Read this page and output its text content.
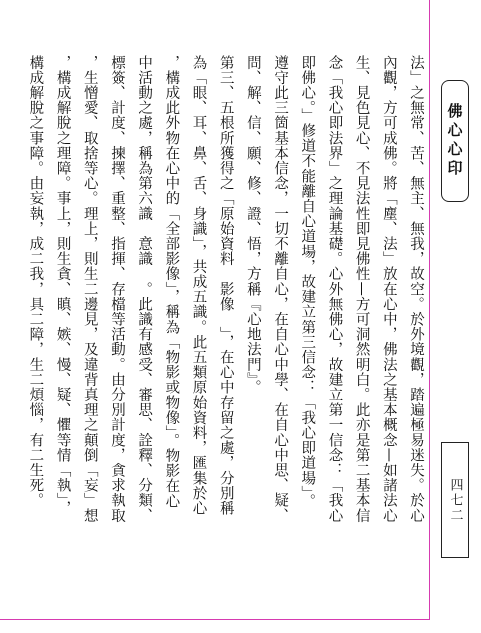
佛心心印
四七二
法」之無常、苦、無主、無我，故空。於外境觀，踏遍極易迷失。於心
內觀，方可成佛。將「塵、法」放在心中，佛法之基本概念—如諸法心
生、見色見心、不見法性即見佛性—方可洞然明白。此亦是第二基本信
念「我心即法界」之理論基礎。心外無佛心，故建立第一信念：「我心
即佛心。」修道不能離自心道場，故建立第三信念：「我心即道場」。
遵守此三箇基本信念，一切不離自心，在自心中學、在自心中思、疑、
問、解、信、願、修、證、悟，方稱『心地法門』。
第三、五根所獲得之「原始資料　影像　」，在心中存留之處，分別稱
為「眼、耳、鼻、舌、身識」，共成五識。此五類原始資料，匯集於心
，構成此外物在心中的「全部影像」，稱為「物影或物像」。物影在心
中活動之處，稱為第六識　意識　。此識有感受、審思、詮釋、分類、
標簽、計度、揀擇、重整、指揮、存檔等活動。由分別計度，貪求執取
，生憎愛、取捨等心。理上，則生二邊見，及違背真理之顛倒「妄」想
，構成解脫之理障。事上，則生貪、瞋、嫉、慢、疑、懼等情「執」，
構成解脫之事障。由妄執，成二我，具二障，生二煩惱，有二生死。
